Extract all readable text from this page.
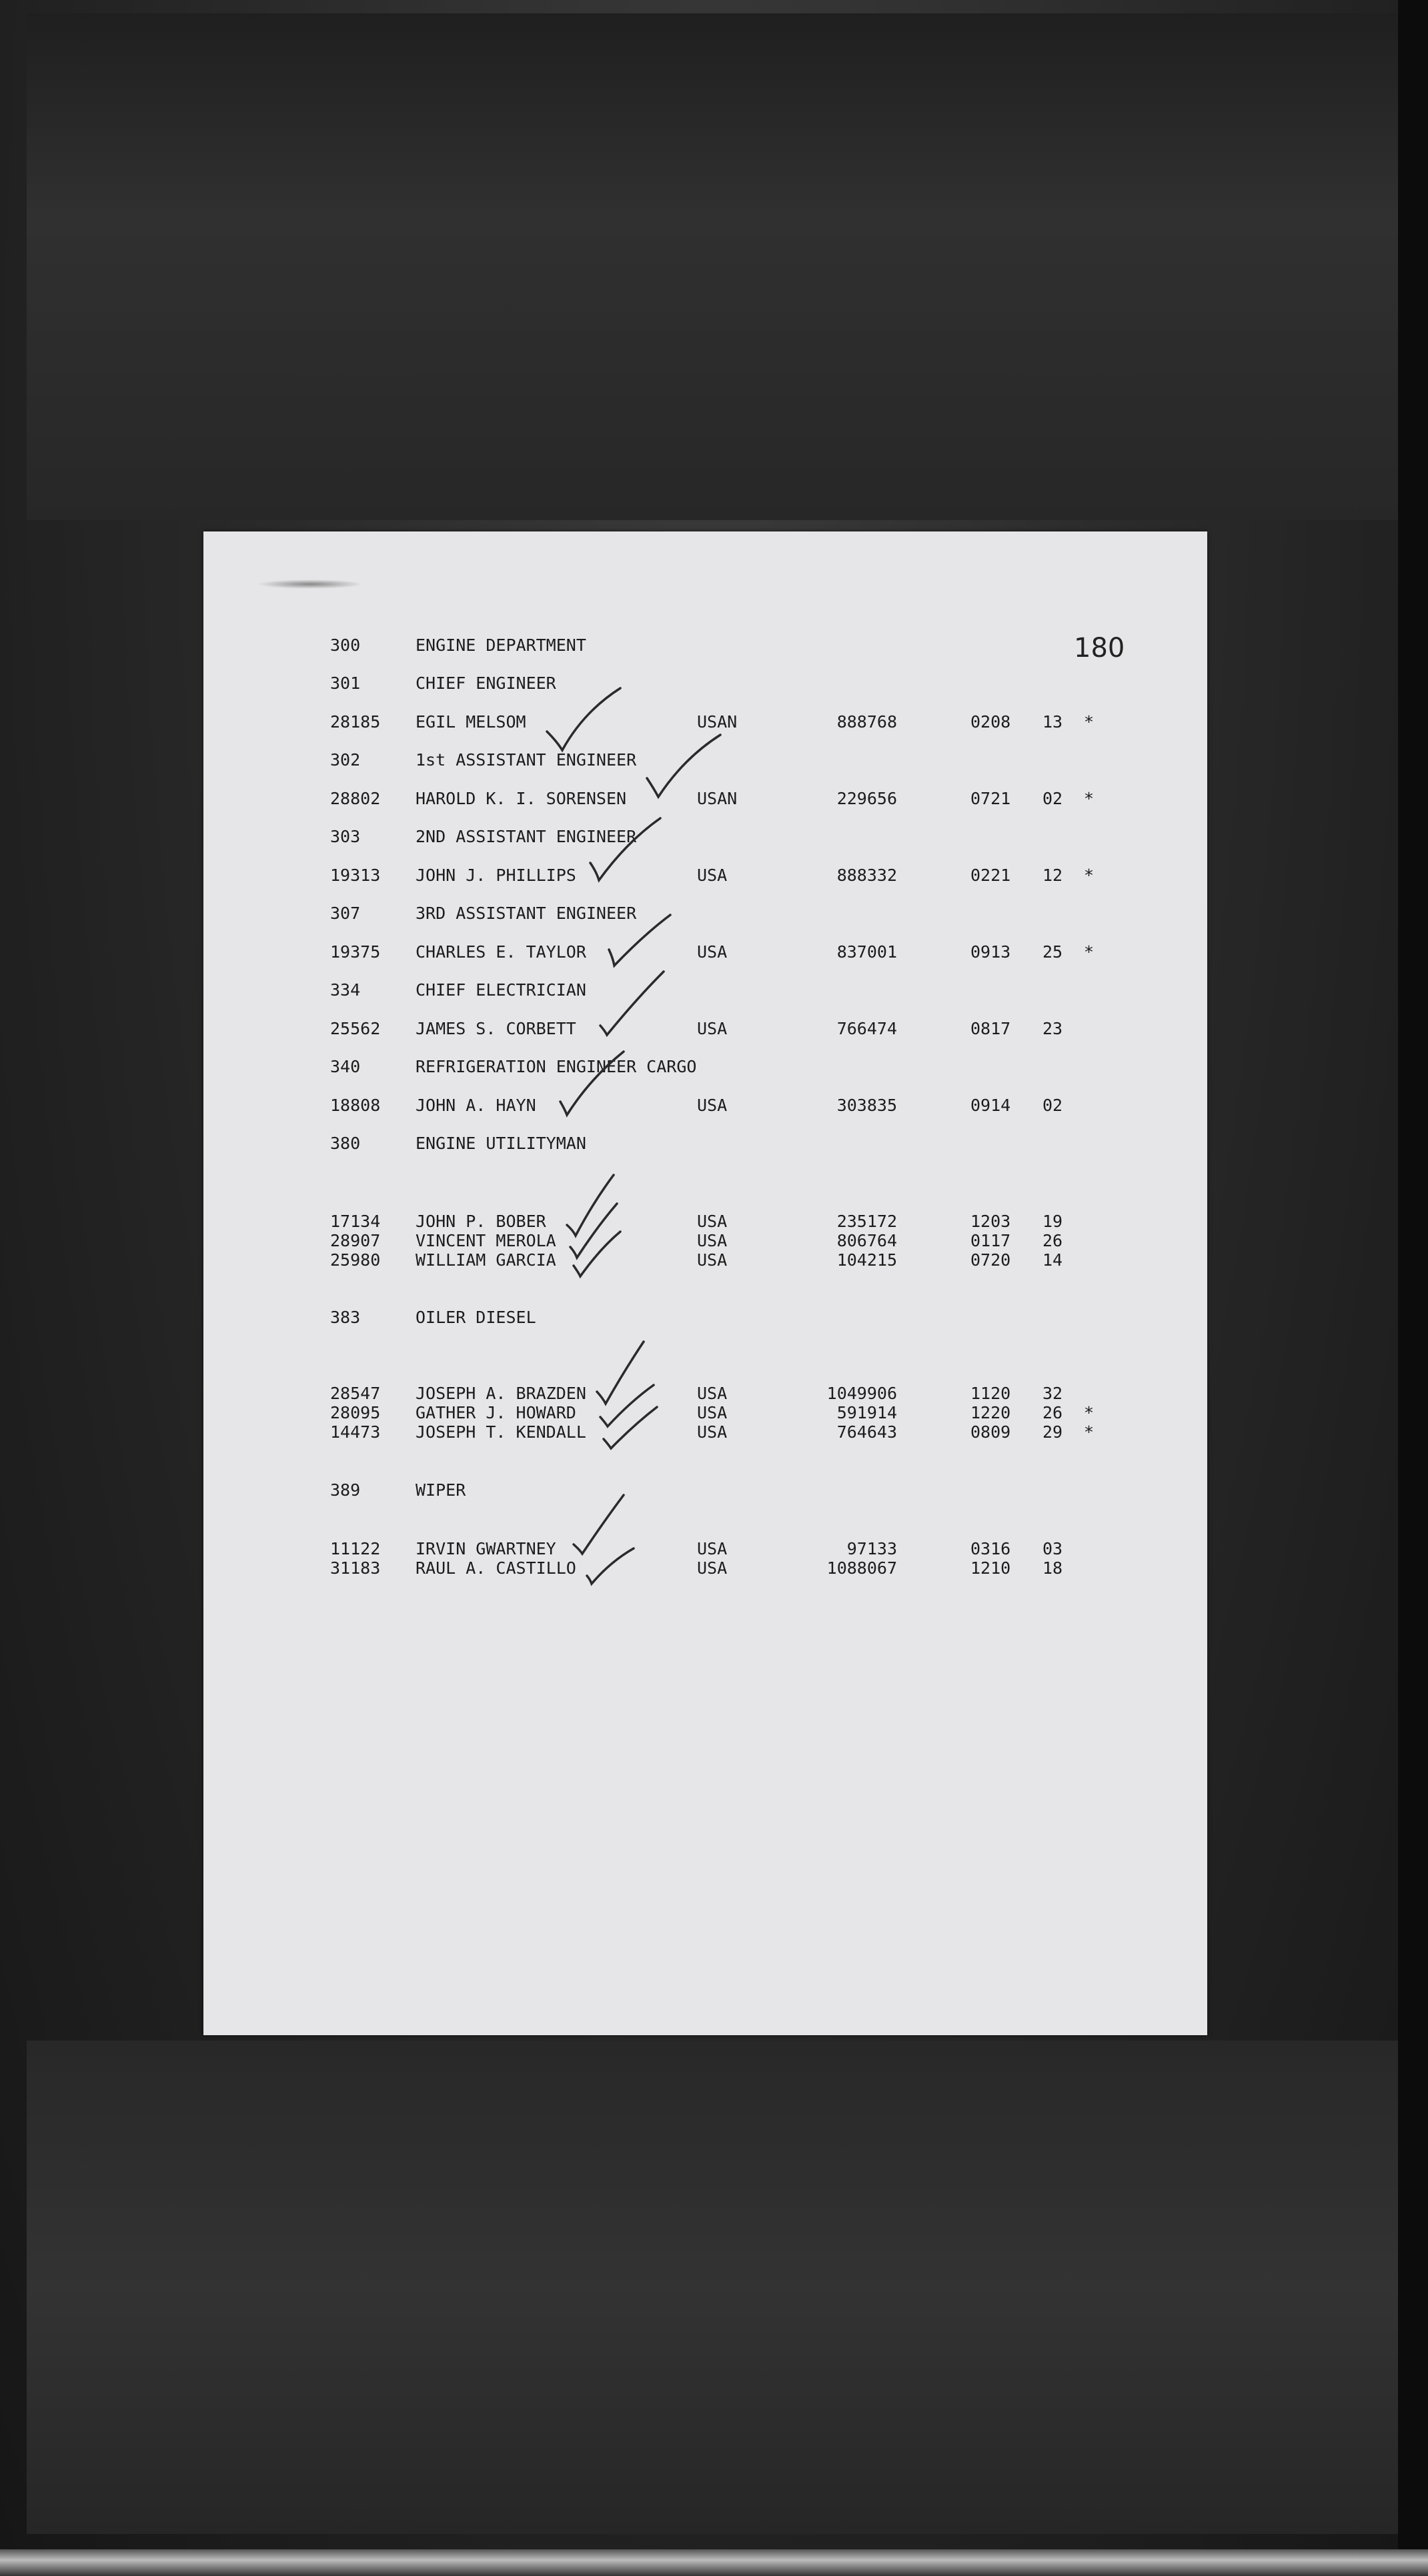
180
300	ENGINE DEPARTMENT
301	CHIEF ENGINEER
28185 EGIL MELSOM	USAN	888768	0208 13 *
302	1st ASSISTANT ENGINEER
28802 HAROLD K. I. SORENSEN	USAN	229656	0721 02 *
303	2ND ASSISTANT ENGINEER
19313 JOHN J. PHILLIPS	USA	888332	0221 12 *
307	3RD ASSISTANT ENGINEER
19375 CHARLES E. TAYLOR	USA	837001	0913 25 *
334	CHIEF ELECTRICIAN
25562 JAMES S. CORBETT	USA	766474	0817 23
340	REFRIGERATION ENGINEER CARGO
18808 JOHN A. HAYN	USA	303835	0914 02
380	ENGINE UTILITYMAN
17134 JOHN P. BOBER	USA	235172	1203 19
28907 VINCENT MEROLA	USA	806764	0117 26
25980 WILLIAM GARCIA	USA	104215	0720 14
383	OILER DIESEL
28547 JOSEPH A. BRAZDEN	USA	1049906	1120 32
28095 GATHER J. HOWARD	USA	591914	1220 26 *
14473 JOSEPH T. KENDALL	USA	764643	0809 29 *
389	WIPER
11122 IRVIN GWARTNEY	USA	97133	0316 03
31183 RAUL A. CASTILLO	USA	1088067	1210 18
